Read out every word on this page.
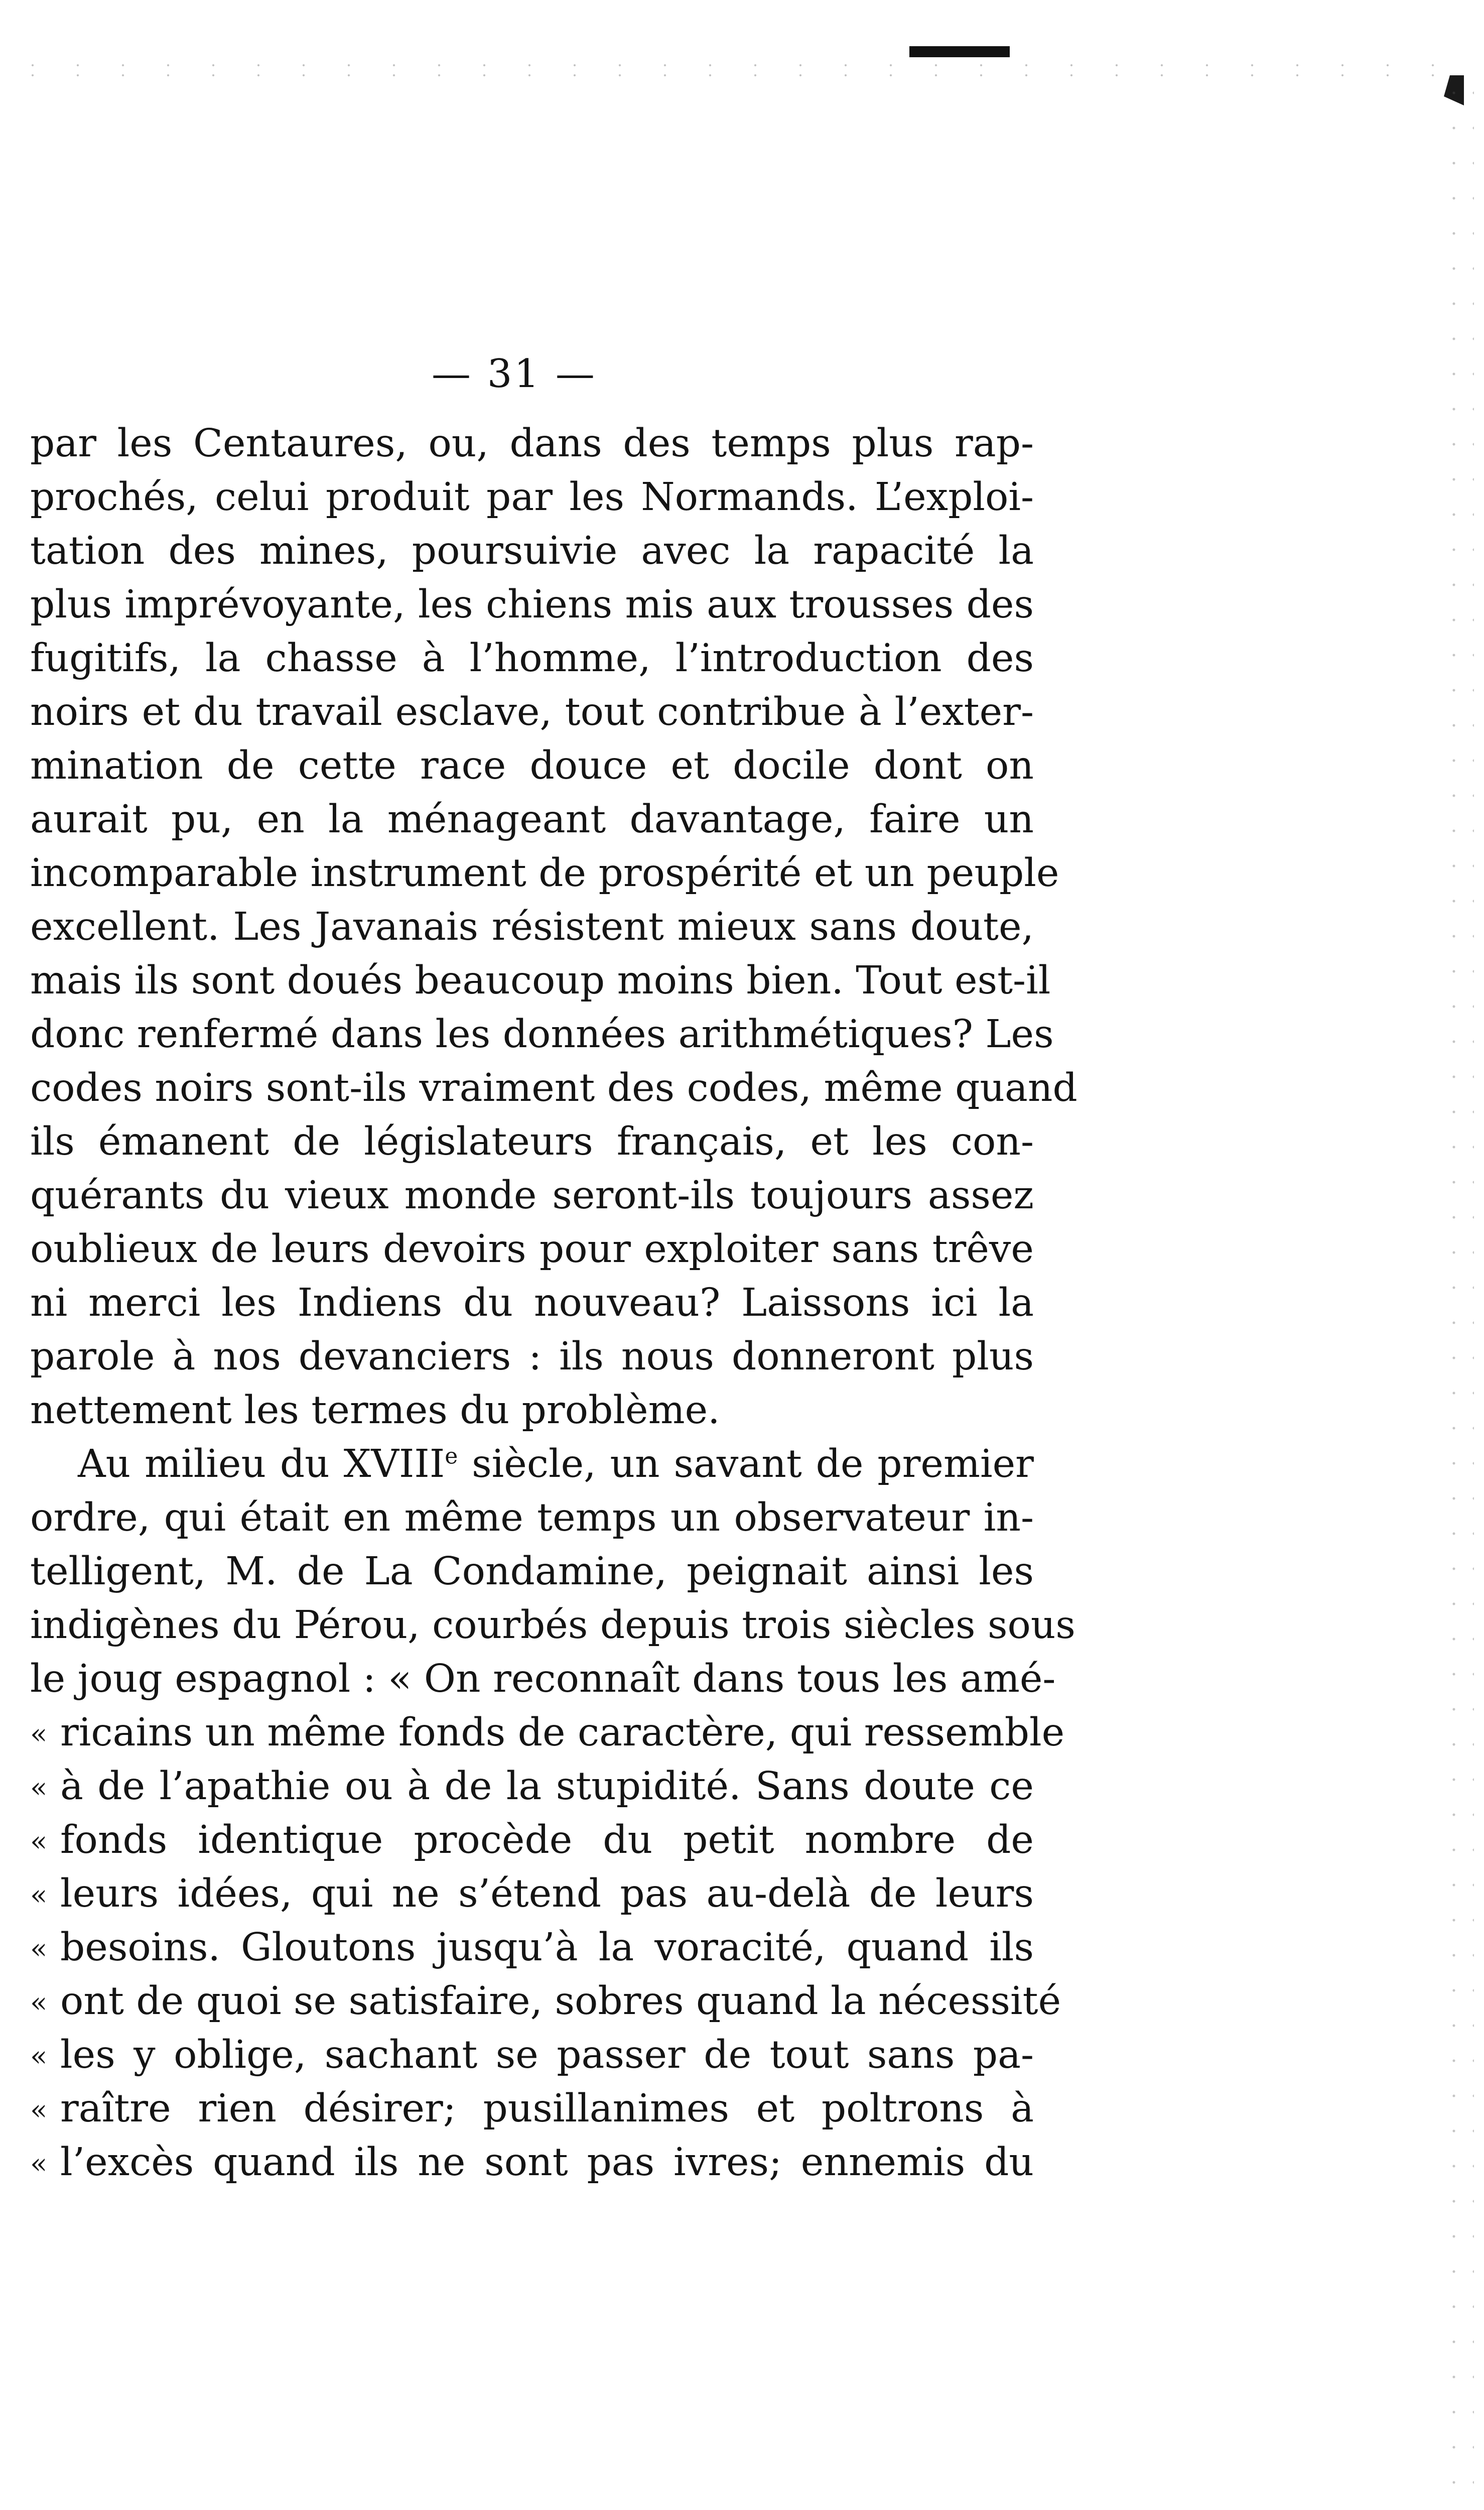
— 31 —
par les Centaures, ou, dans des temps plus rap-
prochés, celui produit par les Normands. L’exploi-
tation des mines, poursuivie avec la rapacité la
plus imprévoyante, les chiens mis aux trousses des
fugitifs, la chasse à l’homme, l’introduction des
noirs et du travail esclave, tout contribue à l’exter-
mination de cette race douce et docile dont on
aurait pu, en la ménageant davantage, faire un
incomparable instrument de prospérité et un peuple
excellent. Les Javanais résistent mieux sans doute,
mais ils sont doués beaucoup moins bien. Tout est-il
donc renfermé dans les données arithmétiques? Les
codes noirs sont-ils vraiment des codes, même quand
ils émanent de législateurs français, et les con-
quérants du vieux monde seront-ils toujours assez
oublieux de leurs devoirs pour exploiter sans trêve
ni merci les Indiens du nouveau? Laissons ici la
parole à nos devanciers : ils nous donneront plus
nettement les termes du problème.
Au milieu du XVIIIe siècle, un savant de premier
ordre, qui était en même temps un observateur in-
telligent, M. de La Condamine, peignait ainsi les
indigènes du Pérou, courbés depuis trois siècles sous
le joug espagnol : « On reconnaît dans tous les amé-
« ricains un même fonds de caractère, qui ressemble
« à de l’apathie ou à de la stupidité. Sans doute ce
« fonds identique procède du petit nombre de
« leurs idées, qui ne s’étend pas au-delà de leurs
« besoins. Gloutons jusqu’à la voracité, quand ils
« ont de quoi se satisfaire, sobres quand la nécessité
« les y oblige, sachant se passer de tout sans pa-
« raître rien désirer; pusillanimes et poltrons à
« l’excès quand ils ne sont pas ivres; ennemis du
